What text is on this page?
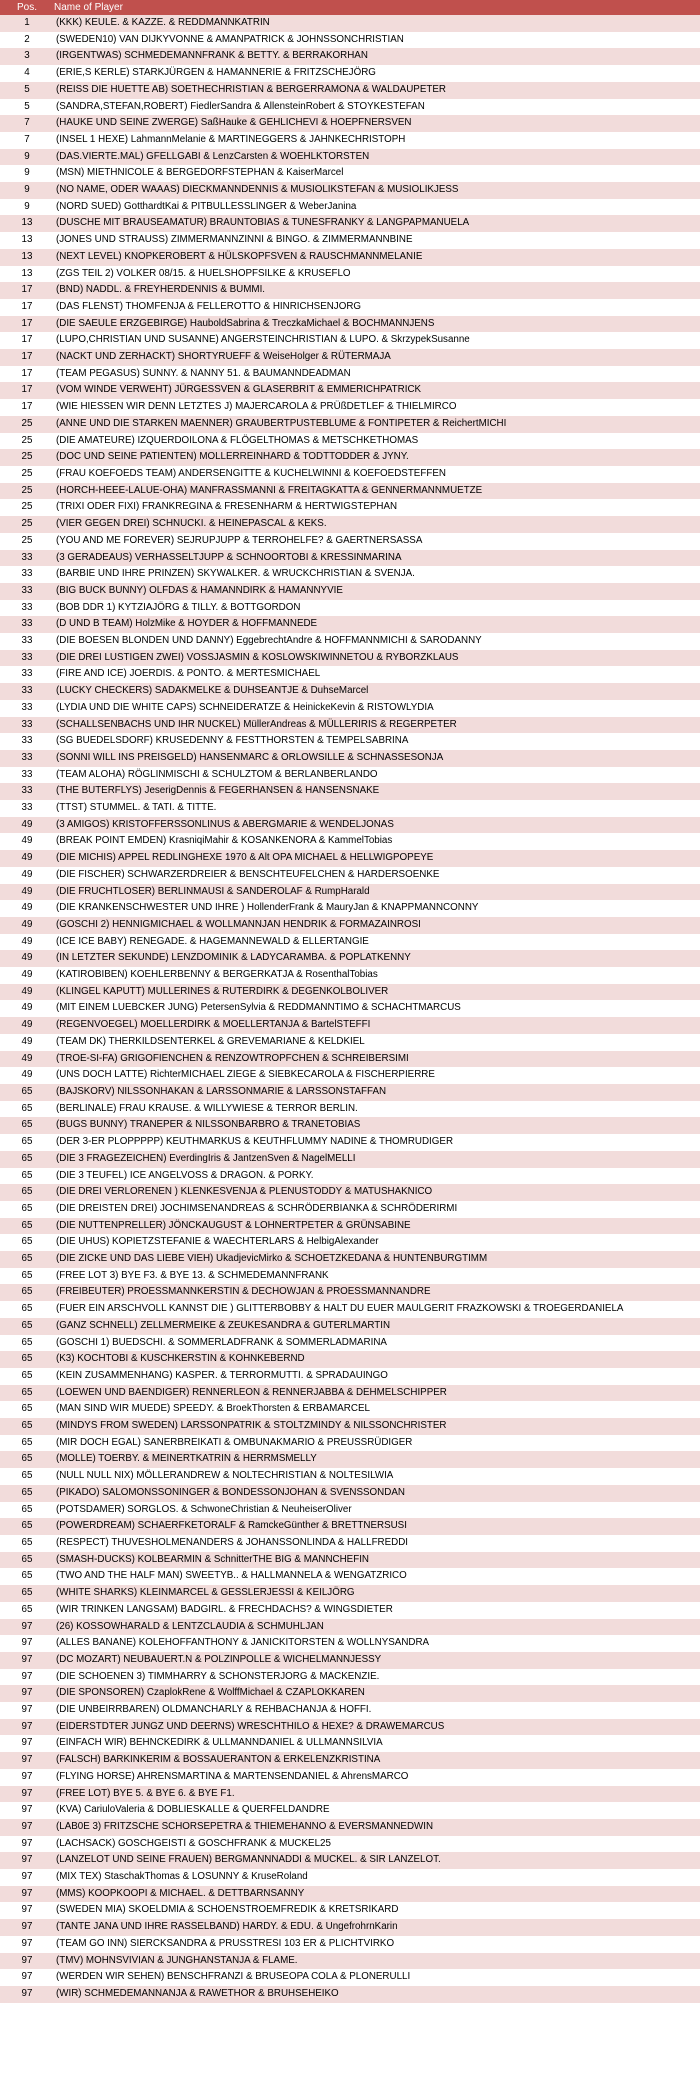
Pos.	Name of Player
1	(KKK) KEULE. & KAZZE. & REDDMANNKATRIN
2	(SWEDEN10) VAN DIJKYVONNE & AMANPATRICK & JOHNSSONCHRISTIAN
3	(IRGENTWAS) SCHMEDEMANNFRANK & BETTY. & BERRAKORHAN
4	(ERIE,S KERLE) STARKJÜRGEN & HAMANNERIE & FRITZSCHEJÖRG
5	(REISS DIE HUETTE AB) SOETHECHRISTIAN & BERGERRAMONA & WALDAUPETER
5	(SANDRA,STEFAN,ROBERT) FiedlerSandra & AllensteinRobert & STOYKESTEFAN
7	(HAUKE UND SEINE ZWERGE) SaßHauke & GEHLICHEVI & HOEPFNERSVEN
7	(INSEL 1 HEXE) LahmannMelanie & MARTINEGGERS & JAHNKECHRISTOPH
9	(DAS.VIERTE.MAL) GFELLGABI & LenzCarsten & WOEHLKTORSTEN
9	(MSN) MIETHNICOLE & BERGEDORFSTEPHAN & KaiserMarcel
9	(NO NAME, ODER WAAAS) DIECKMANNDENNIS & MUSIOLIKSTEFAN & MUSIOLIKJESS
9	(NORD SUED) GotthardtKai & PITBULLESSLINGER & WeberJanina
13	(DUSCHE MIT BRAUSEAMATUR) BRAUNTOBIAS & TUNESFRANKY & LANGPAPMANUELA
13	(JONES UND STRAUSS) ZIMMERMANNZINNI & BINGO. & ZIMMERMANNBINE
13	(NEXT LEVEL) KNOPKEROBERT & HÜLSKOPFSVEN & RAUSCHMANNMELANIE
13	(ZGS TEIL 2) VOLKER 08/15. & HUELSHOPFSILKE & KRUSEFLO
17	(BND) NADDL. & FREYHERDENNIS & BUMMI.
17	(DAS FLENST) THOMFENJA & FELLEROTTO & HINRICHSENJORG
17	(DIE SAEULE ERZGEBIRGE) HauboldSabrina & TreczkaMichael & BOCHMANNJENS
17	(LUPO,CHRISTIAN UND SUSANNE) ANGERSTEINCHRISTIAN & LUPO. & SkrzypekSusanne
17	(NACKT UND ZERHACKT) SHORTYRUEFF & WeiseHolger & RÜTERMAJA
17	(TEAM PEGASUS) SUNNY. & NANNY 51. & BAUMANNDEADMAN
17	(VOM WINDE VERWEHT) JÜRGESSVEN & GLASERBRIT & EMMERICHPATRICK
17	(WIE HIESSEN WIR DENN LETZTES J) MAJERCAROLA & PRÜßDETLEF & THIELMIRCO
25	(ANNE UND DIE STARKEN MAENNER) GRAUBERTPUSTEBLUME & FONTIPETER & ReichertMICHI
25	(DIE AMATEURE) IZQUERDOILONA & FLÖGELTHOMAS & METSCHKETHOMAS
25	(DOC UND SEINE PATIENTEN) MOLLERREINHARD & TODTTODDER & JYNY.
25	(FRAU KOEFOEDS TEAM) ANDERSENGITTE & KUCHELWINNI & KOEFOEDSTEFFEN
25	(HORCH-HEEE-LALUE-OHA) MANFRASSMANNI & FREITAGKATTA & GENNERMANNMUETZE
25	(TRIXI ODER FIXI) FRANKREGINA & FRESENHARM & HERTWIGSTEPHAN
25	(VIER GEGEN DREI) SCHNUCKI. & HEINEPASCAL & KEKS.
25	(YOU AND ME FOREVER) SEJRUPJUPP & TERROHELFE? & GAERTNERSASSA
33	(3 GERADEAUS) VERHASSELTJUPP & SCHNOORTOBI & KRESSINMARINA
33	(BARBIE UND IHRE PRINZEN) SKYWALKER. & WRUCKCHRISTIAN & SVENJA.
33	(BIG BUCK BUNNY) OLFDAS & HAMANNDIRK & HAMANNYVIE
33	(BOB DDR 1) KYTZIAJÖRG & TILLY. & BOTTGORDON
33	(D UND B TEAM) HolzMike & HOYDER & HOFFMANNEDE
33	(DIE BOESEN BLONDEN UND DANNY) EggebrechtAndre & HOFFMANNMICHI & SARODANNY
33	(DIE DREI LUSTIGEN ZWEI) VOSSJASMIN & KOSLOWSKIWINNETOU & RYBORZKLAUS
33	(FIRE AND ICE) JOERDIS. & PONTO. & MERTESMICHAEL
33	(LUCKY CHECKERS) SADAKMELKE & DUHSEANTJE & DuhseMarcel
33	(LYDIA UND DIE WHITE CAPS) SCHNEIDERATZE & HeinickeKevin & RISTOWLYDIA
33	(SCHALLSENBACHS UND IHR NUCKEL) MüllerAndreas & MÜLLERIRIS & REGERPETER
33	(SG BUEDELSDORF) KRUSEDENNY & FESTTHORSTEN & TEMPELSABRINA
33	(SONNI WILL INS PREISGELD) HANSENMARC & ORLOWSILLE & SCHNASSESONJA
33	(TEAM ALOHA) RÖGLINMISCHI & SCHULZTOM & BERLANBERLANDO
33	(THE BUTERFLYS) JeserigDennis & FEGERHANSEN & HANSENSNAKE
33	(TTST) STUMMEL. & TATI. & TITTE.
49	(3 AMIGOS) KRISTOFFERSSONLINUS & ABERGMARIE & WENDELJONAS
49	(BREAK POINT EMDEN) KrasniqiMahir & KOSANKENORA & KammelTobias
49	(DIE MICHIS) APPEL REDLINGHEXE 1970 & Alt OPA MICHAEL & HELLWIGPOPEYE
49	(DIE FISCHER) SCHWARZERDREIER & BENSCHTEUFELCHEN & HARDERSOENKE
49	(DIE FRUCHTLOSER) BERLINMAUSI & SANDEROLAF & RumpHarald
49	(DIE KRANKENSCHWESTER UND IHRE ) HollenderFrank & MauryJan & KNAPPMANNCONNY
49	(GOSCHI 2) HENNIGMICHAEL & WOLLMANNJAN HENDRIK & FORMAZAINROSI
49	(ICE ICE BABY) RENEGADE. & HAGEMANNEWALD & ELLERTANGIE
49	(IN LETZTER SEKUNDE) LENZDOMINIK & LADYCARAMBA. & POPLATKENNY
49	(KATIROBIBEN) KOEHLERBENNY & BERGERKATJA & RosenthalTobias
49	(KLINGEL KAPUTT) MULLERINES & RUTERDIRK & DEGENKOLBOLIVER
49	(MIT EINEM LUEBCKER JUNG) PetersenSylvia & REDDMANNTIMO & SCHACHTMARCUS
49	(REGENVOEGEL) MOELLERDIRK & MOELLERTANJA & BartelSTEFFI
49	(TEAM DK) THERKILDSENTERKEL & GREVEMARIANE & KELDKIEL
49	(TROE-SI-FA) GRIGOFIENCHEN & RENZOWTROPFCHEN & SCHREIBERSIMI
49	(UNS DOCH LATTE) RichterMICHAEL ZIEGE & SIEBKECAROLA & FISCHERPIERRE
65	(BAJSKORV) NILSSONHAKAN & LARSSONMARIE & LARSSONSTAFFAN
65	(BERLINALE) FRAU KRAUSE. & WILLYWIESE & TERROR BERLIN.
65	(BUGS BUNNY) TRANEPER & NILSSONBARBRO & TRANETOBIAS
65	(DER 3-ER PLOPPPPP) KEUTHMARKUS & KEUTHFLUMMY NADINE & THOMRUDIGER
65	(DIE 3 FRAGEZEICHEN) EverdingIris & JantzenSven & NagelMELLI
65	(DIE 3 TEUFEL) ICE ANGELVOSS & DRAGON. & PORKY.
65	(DIE DREI VERLORENEN ) KLENKESVENJA & PLENUSTODDY & MATUSHAKNICO
65	(DIE DREISTEN DREI) JOCHIMSENANDREAS & SCHRÖDERBIANKA & SCHRÖDERIRMI
65	(DIE NUTTENPRELLER) JÖNCKAUGUST & LOHNERTPETER & GRÜNSABINE
65	(DIE UHUS) KOPIETZSTEFANIE & WAECHTERLARS & HelbigAlexander
65	(DIE ZICKE UND DAS LIEBE VIEH) UkadjevicMirko & SCHOETZKEDANA & HUNTENBURGTIMM
65	(FREE LOT 3) BYE F3. & BYE 13. & SCHMEDEMANNFRANK
65	(FREIBEUTER) PROESSMANNKERSTIN & DECHOWJAN & PROESSMANNANDRE
65	(FUER EIN ARSCHVOLL KANNST DIE ) GLITTERBOBBY & HALT DU EUER MAULGERIT FRAZKOWSKI & TROEGERDANIELA
65	(GANZ SCHNELL) ZELLMERMEIKE & ZEUKESANDRA & GUTERLMARTIN
65	(GOSCHI 1) BUEDSCHI. & SOMMERLADFRANK & SOMMERLADMARINA
65	(K3) KOCHTOBI & KUSCHKERSTIN & KOHNKEBERND
65	(KEIN ZUSAMMENHANG) KASPER. & TERRORMUTTI. & SPRADAUINGO
65	(LOEWEN UND BAENDIGER) RENNERLEON & RENNERJABBA & DEHMELSCHIPPER
65	(MAN SIND WIR MUEDE) SPEEDY. & BroekThorsten & ERBAMARCEL
65	(MINDYS FROM SWEDEN) LARSSONPATRIK & STOLTZMINDY & NILSSONCHRISTER
65	(MIR DOCH EGAL) SANERBREIKATI & OMBUNAKMARIO & PREUSSRÜDIGER
65	(MOLLE) TOERBY. & MEINERTKATRIN & HERRMSMELLY
65	(NULL NULL NIX) MÖLLERANDREW & NOLTECHRISTIAN & NOLTESILWIA
65	(PIKADO) SALOMONSSONINGER & BONDESSONJOHAN & SVENSSONDAN
65	(POTSDAMER) SORGLOS. & SchwoneChristian & NeuheiserOliver
65	(POWERDREAM) SCHAERFKETORALF & RamckeGünther & BRETTNERSUSI
65	(RESPECT) THUVESHOLMENANDERS & JOHANSSONLINDA & HALLFREDDI
65	(SMASH-DUCKS) KOLBEARMIN & SchnitterTHE BIG & MANNCHEFIN
65	(TWO AND THE HALF MAN) SWEETYB.. & HALLMANNELA & WENGATZRICO
65	(WHITE SHARKS) KLEINMARCEL & GESSLERJESSI & KEILJÖRG
65	(WIR TRINKEN LANGSAM) BADGIRL. & FRECHDACHS? & WINGSDIETER
97	(26) KOSSOWHARALD & LENTZCLAUDIA & SCHMUHLJAN
97	(ALLES BANANE) KOLEHOFFANTHONY & JANICKITORSTEN & WOLLNYSANDRA
97	(DC MOZART) NEUBAUERT.N & POLZINPOLLE & WICHELMANNJESSY
97	(DIE SCHOENEN 3) TIMMHARRY & SCHONSTERJORG & MACKENZIE.
97	(DIE SPONSOREN) CzaplokRene & WolffMichael & CZAPLOKKAREN
97	(DIE UNBEIRRBAREN) OLDMANCHARLY & REHBACHANJA & HOFFI.
97	(EIDERSTDTER JUNGZ UND DEERNS) WRESCHTHILO & HEXE? & DRAWEMARCUS
97	(EINFACH WIR) BEHNCKEDIRK & ULLMANNDANIEL & ULLMANNSILVIA
97	(FALSCH) BARKINKERIM & BOSSAUERANTON & ERKELENZKRISTINA
97	(FLYING HORSE) AHRENSMARTINA & MARTENSENDANIEL & AhrensMARCO
97	(FREE LOT) BYE 5. & BYE 6. & BYE F1.
97	(KVA) CariuloValeria & DOBLIESKALLE & QUERFELDANDRE
97	(LAB0E 3) FRITZSCHE SCHORSEPETRA & THIEMEHANNO & EVERSMANNEDWIN
97	(LACHSACK) GOSCHGEISTI & GOSCHFRANK & MUCKEL25
97	(LANZELOT UND SEINE FRAUEN) BERGMANNNADDI & MUCKEL. & SIR LANZELOT.
97	(MIX TEX) StaschakThomas & LOSUNNY & KruseRoland
97	(MMS) KOOPKOOPI & MICHAEL. & DETTBARNSANNY
97	(SWEDEN MIA) SKOELDMIA & SCHOENSTROEMFREDIK & KRETSRIKARD
97	(TANTE JANA UND IHRE RASSELBAND) HARDY. & EDU. & UngefrohrnKarin
97	(TEAM GO INN) SIERCKSANDRA & PRUSSTRESI 103 ER & PLICHTVIRKO
97	(TMV) MOHNSVIVIAN & JUNGHANSTANJA & FLAME.
97	(WERDEN WIR SEHEN) BENSCHFRANZI & BRUSEOPA COLA & PLONERULLI
97	(WIR) SCHMEDEMANNANJA & RAWETHOR & BRUHSEHEIKO
